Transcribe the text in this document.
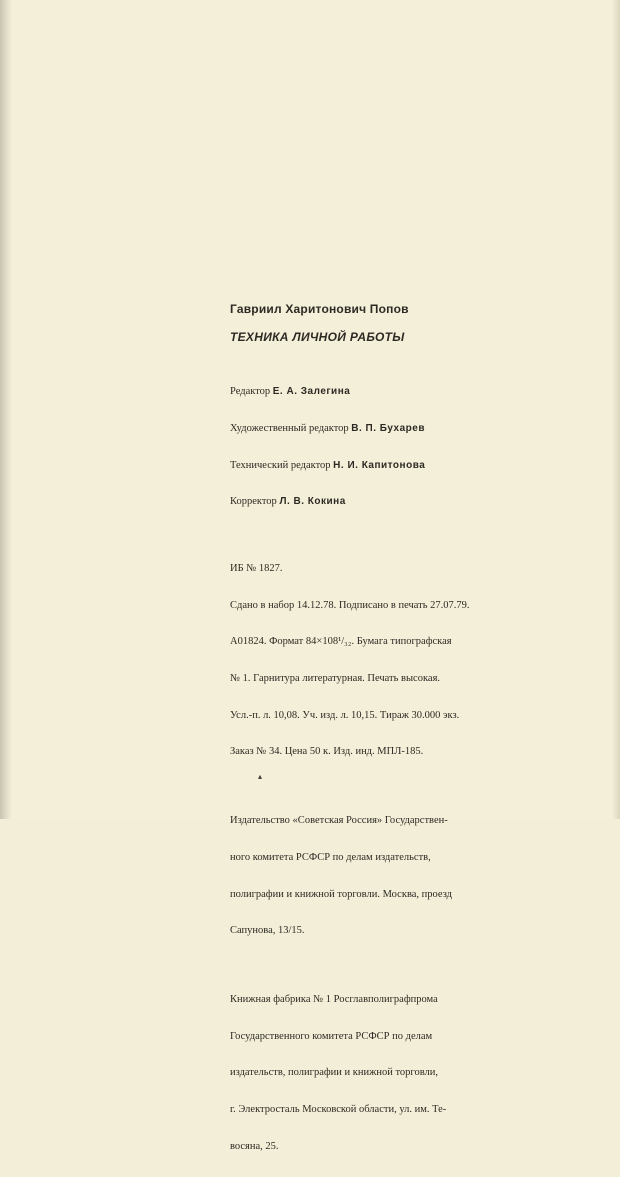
Гавриил Харитонович Попов
ТЕХНИКА ЛИЧНОЙ РАБОТЫ

Редактор Е. А. Залегина

Художественный редактор В. П. Бухарев

Технический редактор Н. И. Капитонова

Корректор Л. В. Кокина

ИБ № 1827.

Сдано в набор 14.12.78. Подписано в печать 27.07.79.

А01824. Формат 84×108¹/₃₂. Бумага типографская

№ 1. Гарнитура литературная. Печать высокая.

Усл.-п. л. 10,08. Уч. изд. л. 10,15. Тираж 30.000 экз.

Заказ № 34. Цена 50 к. Изд. инд. МПЛ-185.

Издательство «Советская Россия» Государствен-

ного комитета РСФСР по делам издательств,

полиграфии и книжной торговли. Москва, проезд

Сапунова, 13/15.

Книжная фабрика № 1 Росглавполиграфпрома

Государственного комитета РСФСР по делам

издательств, полиграфии и книжной торговли,

г. Электросталь Московской области, ул. им. Те-

восяна, 25.

▴
